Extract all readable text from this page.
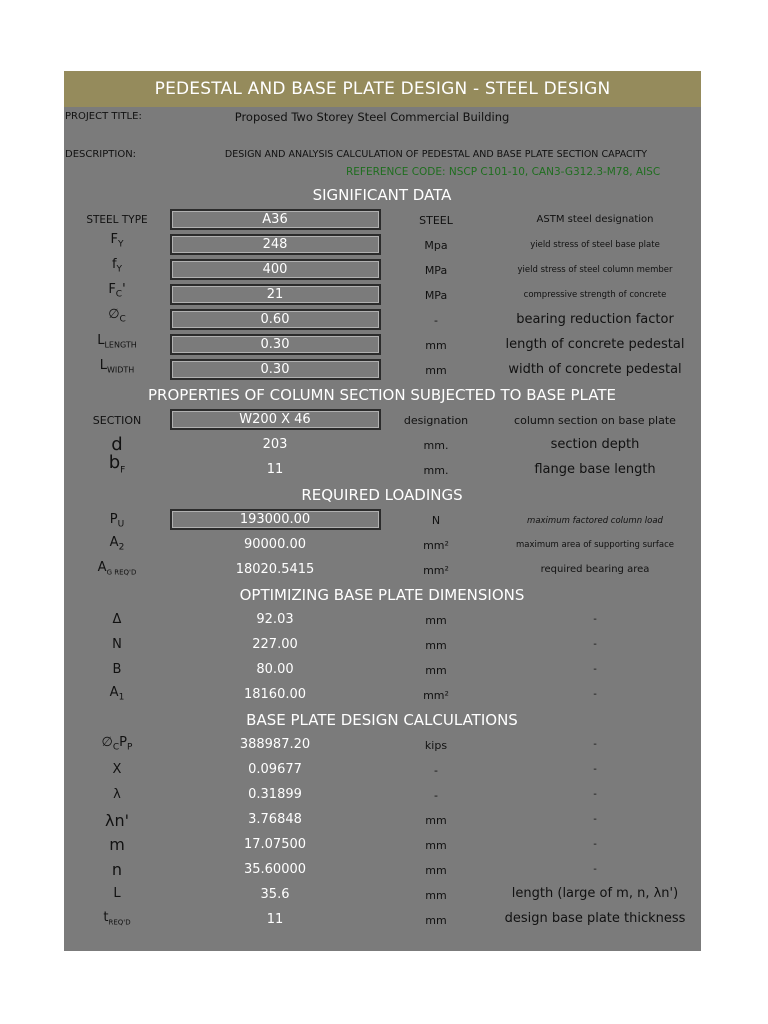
PEDESTAL AND BASE PLATE DESIGN - STEEL DESIGN
PROJECT TITLE:	Proposed Two Storey Steel Commercial Building
DESCRIPTION:	DESIGN AND ANALYSIS CALCULATION OF PEDESTAL AND BASE PLATE SECTION CAPACITY
REFERENCE CODE: NSCP C101-10, CAN3-G312.3-M78, AISC
SIGNIFICANT DATA
STEEL TYPE	A36	STEEL	ASTM steel designation
$F_Y$	248	Mpa	yield stress of steel base plate
$f_Y$	400	MPa	yield stress of steel column member
$F_C'$	21	MPa	compressive strength of concrete
$\emptyset_C$	0.60	-	bearing reduction factor
$L_{LENGTH}$	0.30	mm	length of concrete pedestal
$L_{WIDTH}$	0.30	mm	width of concrete pedestal
PROPERTIES OF COLUMN SECTION SUBJECTED TO BASE PLATE
SECTION	W200 X 46	designation	column section on base plate
d	203	mm.	section depth
$b_F$	11	mm.	flange base length
REQUIRED LOADINGS
$P_U$	193000.00	N	maximum factored column load
$A_2$	90000.00	mm²	maximum area of supporting surface
$A_{G REQ'D}$	18020.5415	mm²	required bearing area
OPTIMIZING BASE PLATE DIMENSIONS
Δ	92.03	mm	-
N	227.00	mm	-
B	80.00	mm	-
$A_1$	18160.00	mm²	-
BASE PLATE DESIGN CALCULATIONS
$\emptyset_CP_P$	388987.20	kips	-
X	0.09677	-	-
λ	0.31899	-	-
λn'	3.76848	mm	-
m	17.07500	mm	-
n	35.60000	mm	-
L	35.6	mm	length (large of m, n, λn')
$t_{REQ'D}$	11	mm	design base plate thickness
